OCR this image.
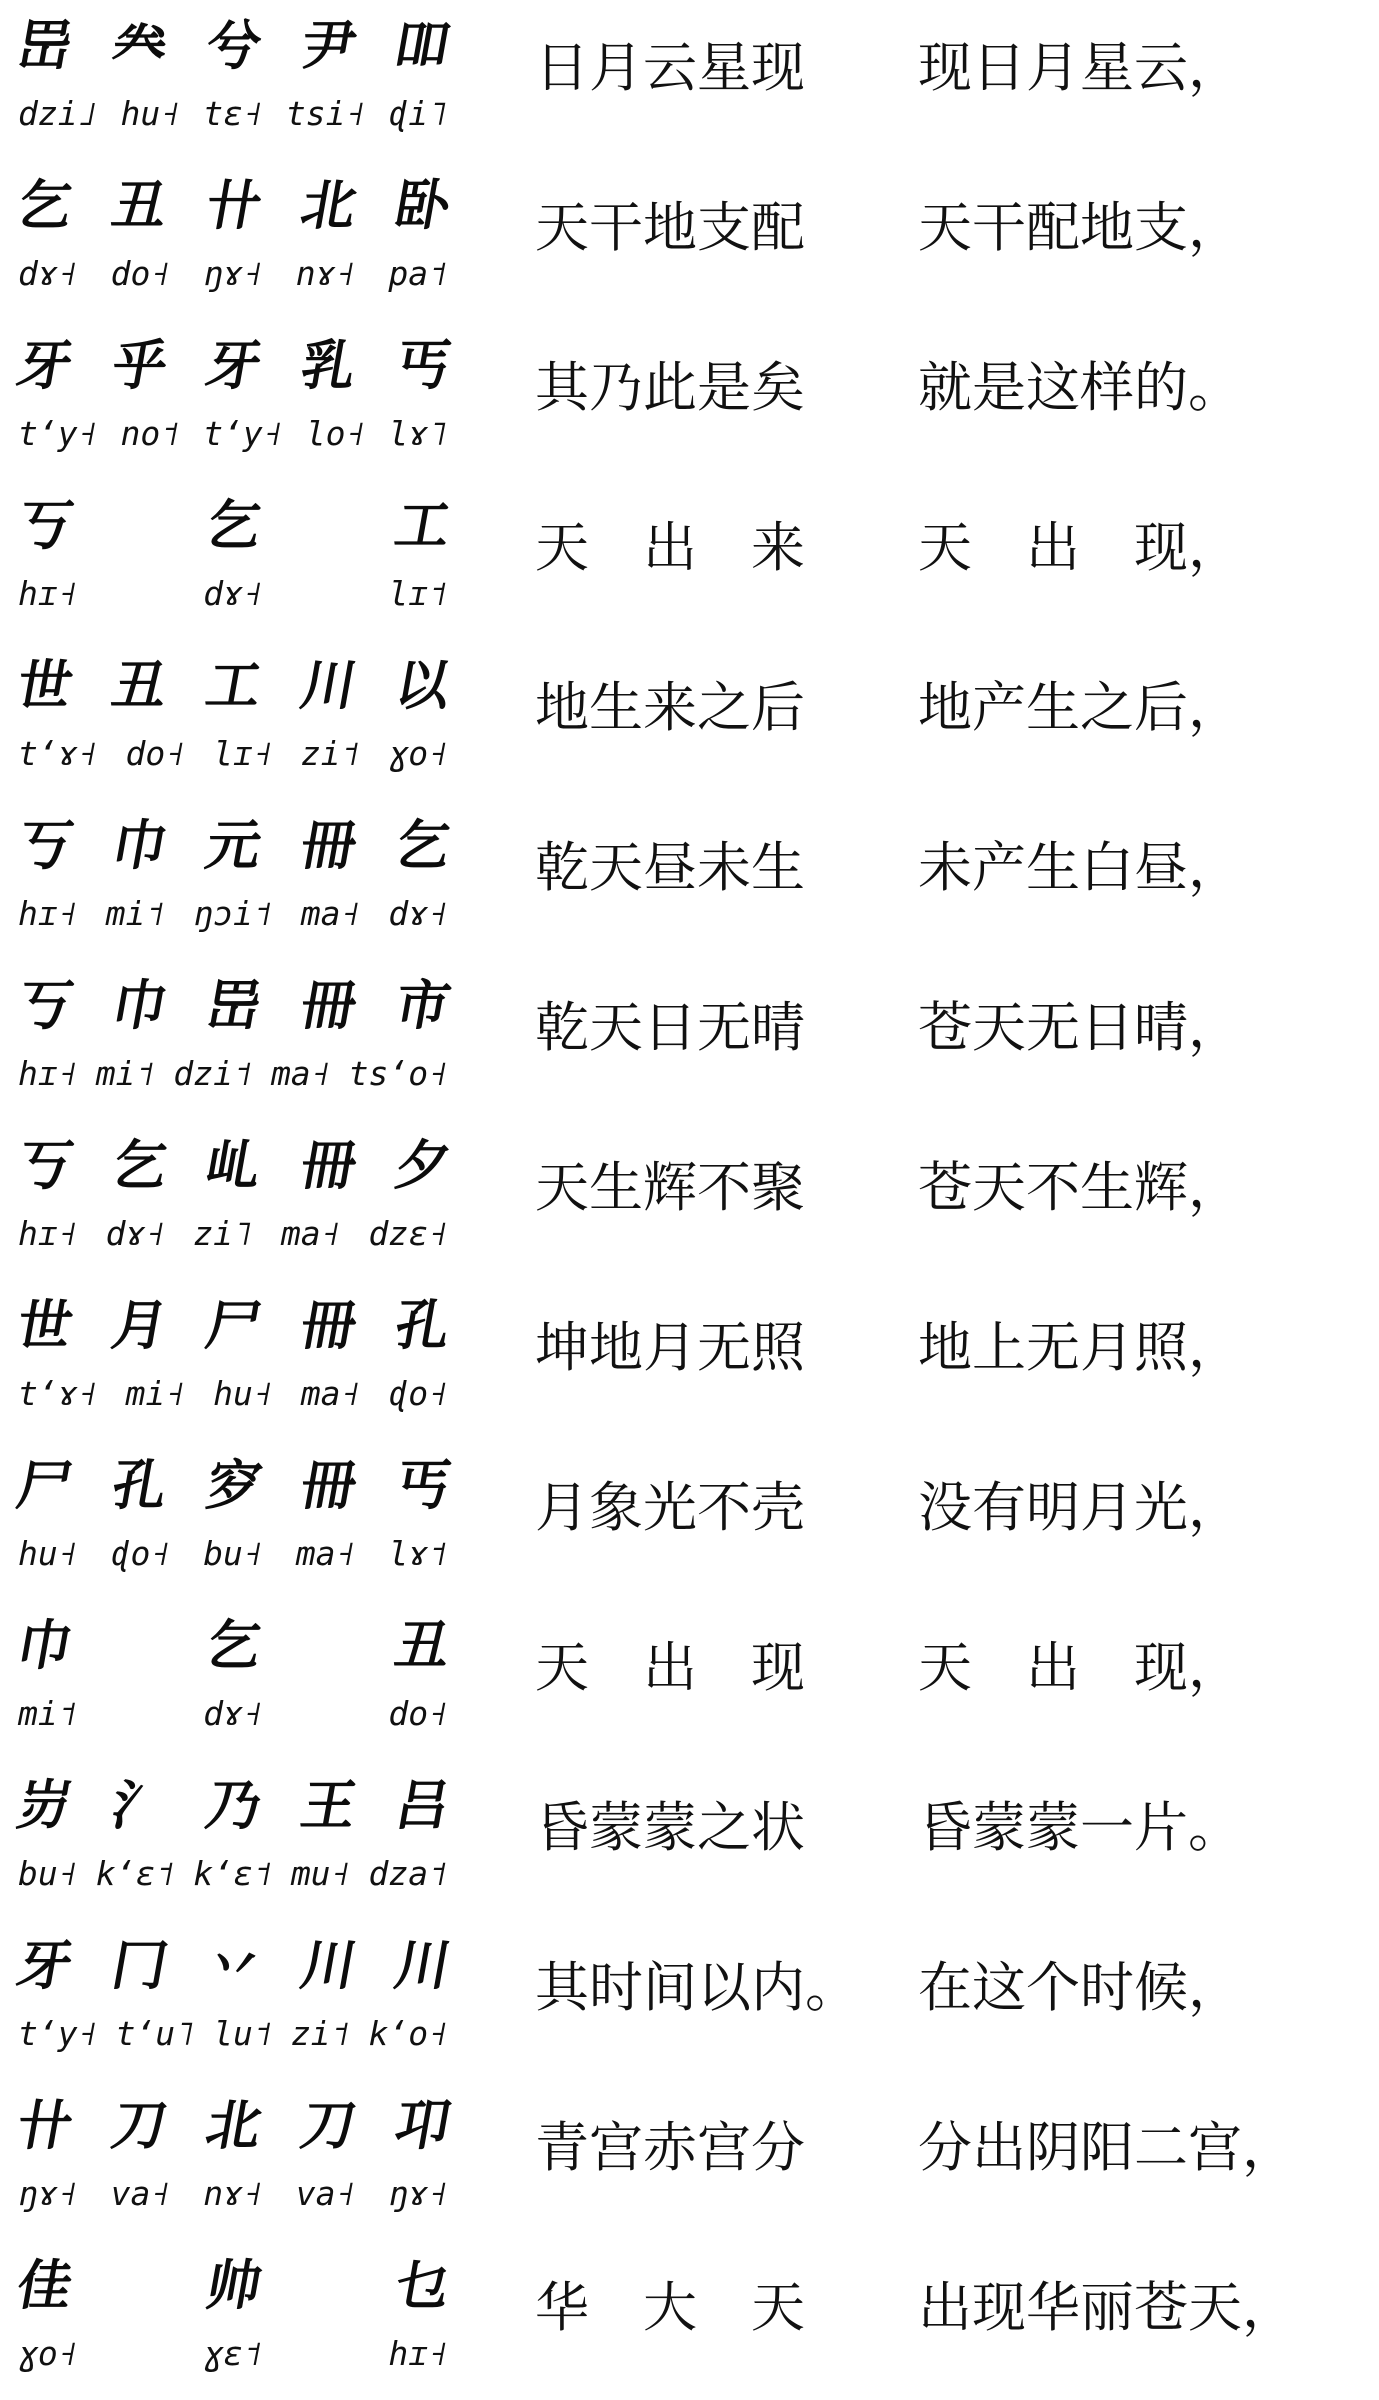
岊 𠔉 兮 尹 吅
dzi˩ hu˧ tɛ˧ tsi˧ ɖi˥
日月云星现 现日月星云，
乞 丑 卄 北 卧
dɤ˧ do˧ ŋɤ˧ nɤ˧ pa˦
天干地支配 天干配地支，
牙 乎 牙 乳 丐
tʻy˧ no˦ tʻy˧ lo˧ lɤ˥
其乃此是矣 就是这样的。
丂 乞 工
hɪ˧	dɤ˧	lɪ˦
天　出　来 天　出　现，
世 丑 工 川 以
tʻɤ˧ do˧ lɪ˧ zi˦ ɣo˧
地生来之后 地产生之后，
丂 巾 元 冊 乞
hɪ˧ mi˦ ŋɔi˦ ma˧ dɤ˧
乾天昼未生 未产生白昼，
丂 巾 岊 冊 市
hɪ˧ mi˦ dzi˦ ma˧ tsʻo˧
乾天日无晴 苍天无日晴，
丂 乞 乢 冊 夕
hɪ˧ dɤ˧ zi˥ ma˧ dzɛ˧
天生辉不聚 苍天不生辉，
世 月 尸 冊 孔
tʻɤ˧ mi˧ hu˧ ma˧ ɖo˧
坤地月无照 地上无月照，
尸 孔 穸 冊 丐
hu˧ ɖo˧ bu˧ ma˧ lɤ˦
月象光不壳 没有明月光，
巾 乞 丑
mi˦	dɤ˧	do˧
天　出　现 天　出　现，
岃 氵 乃 王 吕
bu˧ kʻɛ˦ kʻɛ˦ mu˧ dza˦
昏蒙蒙之状 昏蒙蒙一片。
牙 冂 丷 川 川
tʻy˧ tʻu˥ lu˦ zi˦ kʻo˧
其时间以内。 在这个时候，
卄 刀 北 刀 卭
ŋɤ˧ va˧ nɤ˧ va˧ ŋɤ˧
青宫赤宫分 分出阴阳二宫，
佳 帅 乜
ɣo˧	ɣɛ˦	hɪ˧
华　大　天 出现华丽苍天，
